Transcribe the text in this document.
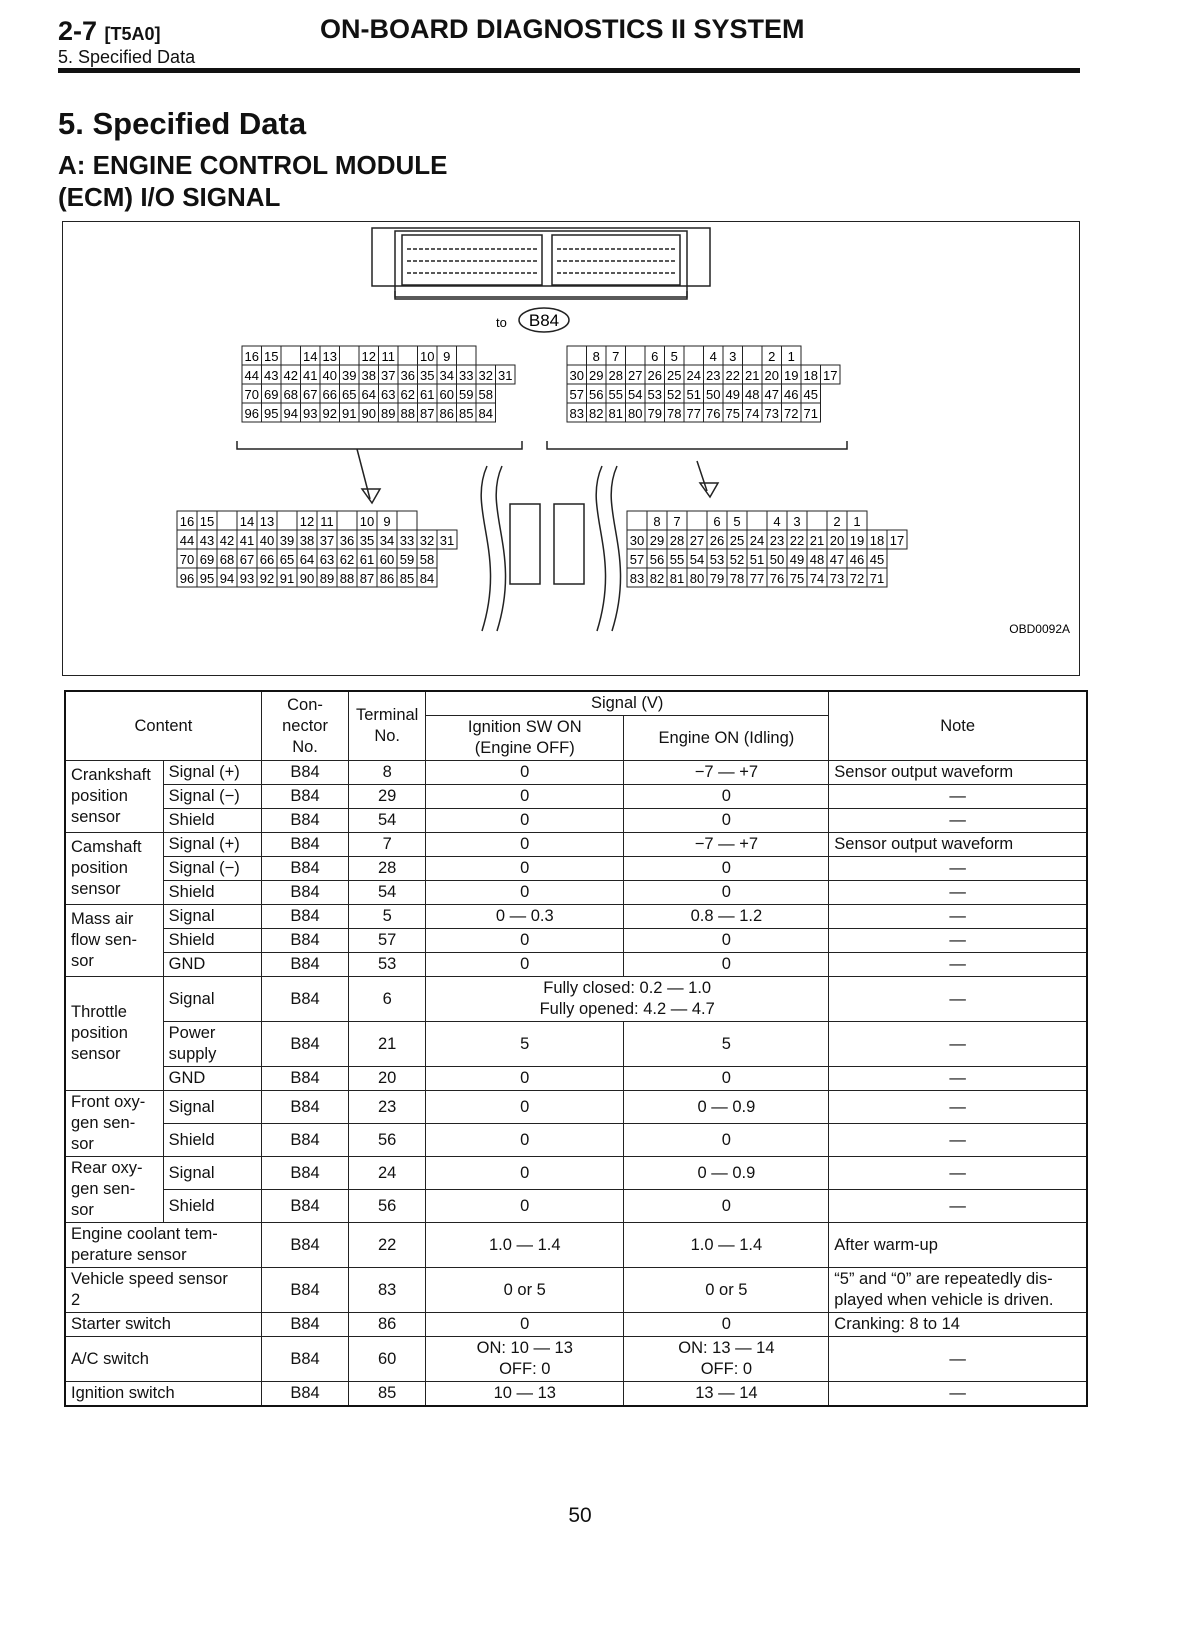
2-7 [T5A0]
5. Specified Data
ON-BOARD DIAGNOSTICS II SYSTEM
5. Specified Data
A: ENGINE CONTROL MODULE
(ECM) I/O SIGNAL
to B84
16 15 14 13 12 11 10 9
44 43 42 41 40 39 38 37 36 35 34 33 32 31
70 69 68 67 66 65 64 63 62 61 60 59 58
96 95 94 93 92 91 90 89 88 87 86 85 84
8 7 6 5 4 3 2 1
30 29 28 27 26 25 24 23 22 21 20 19 18 17
57 56 55 54 53 52 51 50 49 48 47 46 45
83 82 81 80 79 78 77 76 75 74 73 72 71
16 15 14 13 12 11 10 9
44 43 42 41 40 39 38 37 36 35 34 33 32 31
70 69 68 67 66 65 64 63 62 61 60 59 58
96 95 94 93 92 91 90 89 88 87 86 85 84
8 7	6 5	4 3	2 1
30 29 28 27 26 25 24 23 22 21 20 19 18 17
57 56 55 54 53 52 51 50 49 48 47 46 45
83 82 81 80 79 78 77 76 75 74 73 72 71
OBD0092A
Content		Con-
nector
No.	Terminal
No.	Signal (V)		Note
				Ignition SW ON
(Engine OFF)	Engine ON (Idling)	
Crankshaft
position
sensor	Signal (+)	B84	8	0	−7 — +7	Sensor output waveform
	Signal (−)	B84	29	0	0	—
	Shield	B84	54	0	0	—
Camshaft
position
sensor	Signal (+)	B84	7	0	−7 — +7	Sensor output waveform
	Signal (−)	B84	28	0	0	—
	Shield	B84	54	0	0	—
Mass air
flow sen-
sor	Signal	B84	5	0 — 0.3	0.8 — 1.2	—
	Shield	B84	57	0	0	—
	GND	B84	53	0	0	—
Throttle
position
sensor	Signal	B84	6	Fully closed: 0.2 — 1.0
Fully opened: 4.2 — 4.7		—
	Power
supply	B84	21	5	5	—
	GND	B84	20	0	0	—
Front oxy-
gen sen-
sor	Signal	B84	23	0	0 — 0.9	—
	Shield	B84	56	0	0	—
Rear oxy-
gen sen-
sor	Signal	B84	24	0	0 — 0.9	—
	Shield	B84	56	0	0	—
Engine coolant tem-
perature sensor		B84	22	1.0 — 1.4	1.0 — 1.4	After warm-up
Vehicle speed sensor
2		B84	83	0 or 5	0 or 5	“5” and “0” are repeatedly dis-
played when vehicle is driven.
Starter switch		B84	86	0	0	Cranking: 8 to 14
A/C switch		B84	60	ON: 10 — 13
OFF: 0	ON: 13 — 14
OFF: 0	—
Ignition switch		B84	85	10 — 13	13 — 14	—
50
